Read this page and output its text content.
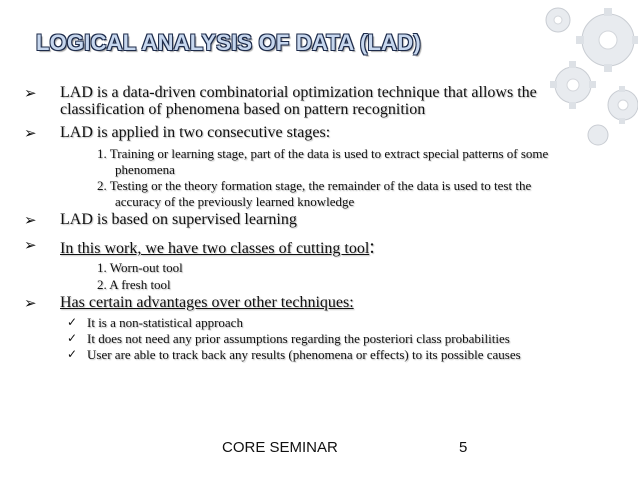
LOGICAL ANALYSIS OF DATA (LAD)
➢ LAD is a data-driven combinatorial optimization technique that allows the
classification of phenomena based on pattern recognition
➢ LAD is applied in two consecutive stages:
1. Training or learning stage, part of the data is used to extract special patterns of some
phenomena
2. Testing or the theory formation stage, the remainder of the data is used to test the
accuracy of the previously learned knowledge
➢ LAD is based on supervised learning
➢ In this work, we have two classes of cutting tool:
1. Worn-out tool
2. A fresh tool
➢ Has certain advantages over other techniques:
✓ It is a non-statistical approach
✓ It does not need any prior assumptions regarding the posteriori class probabilities
✓ User are able to track back any results (phenomena or effects) to its possible causes
CORE SEMINAR	5
